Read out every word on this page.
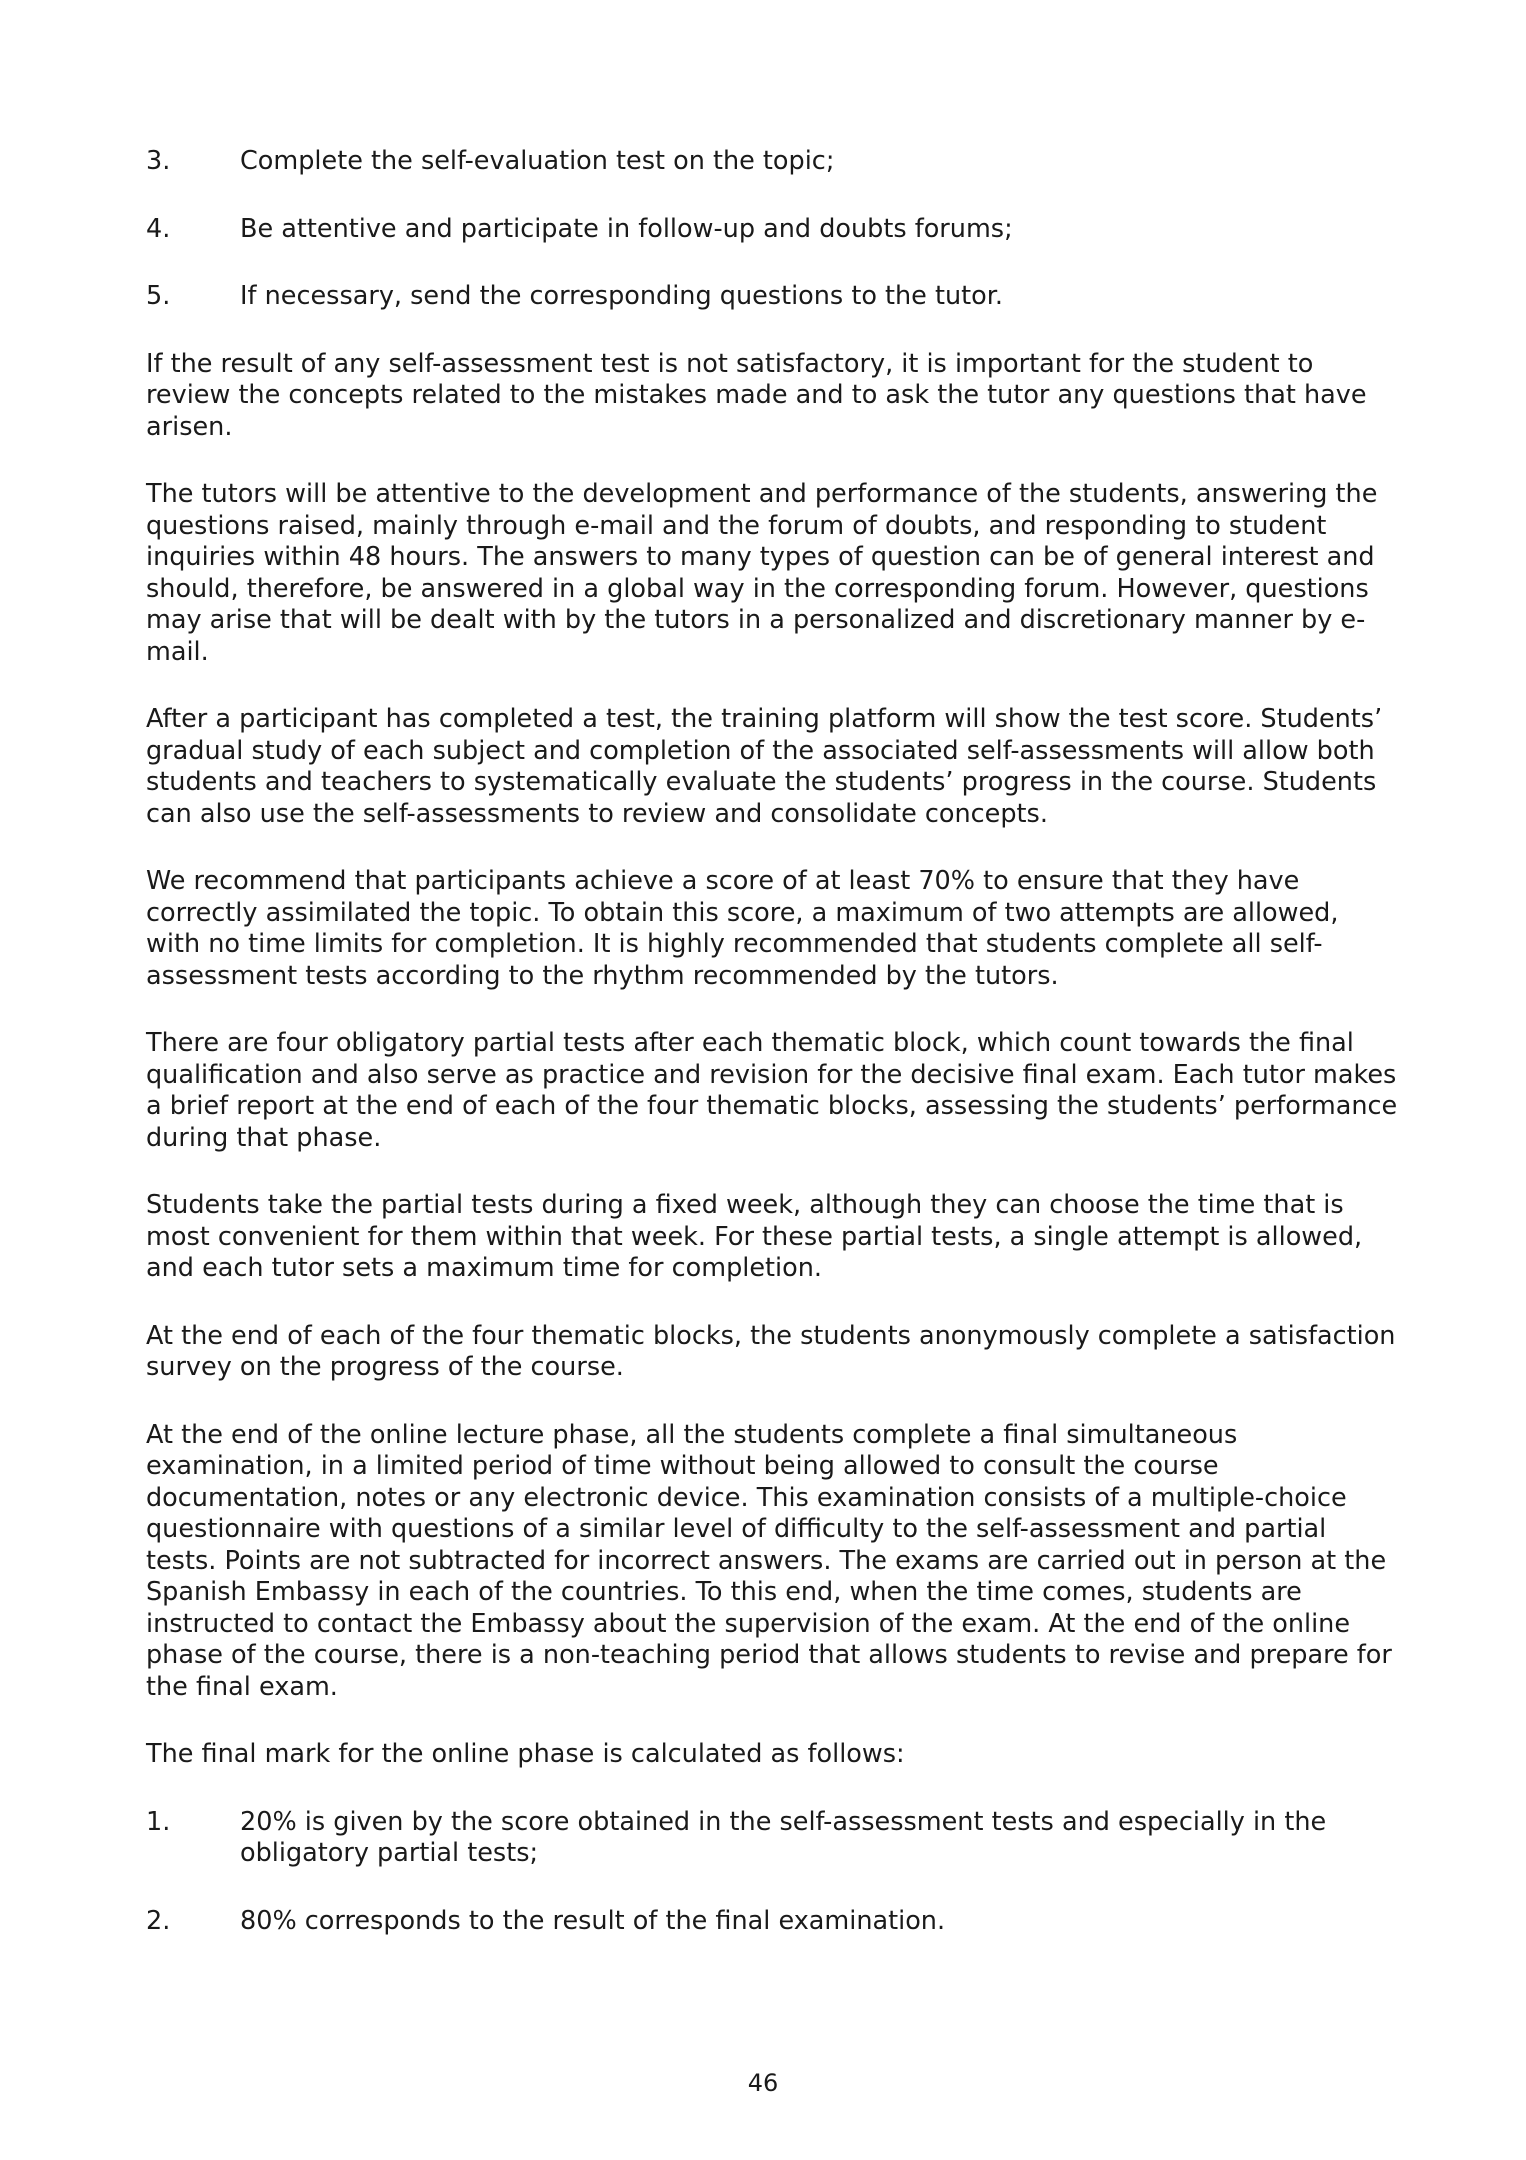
3.	Complete the self-evaluation test on the topic;
4.	Be attentive and participate in follow-up and doubts forums;
5.	If necessary, send the corresponding questions to the tutor.

If the result of any self-assessment test is not satisfactory, it is important for the student to review the concepts related to the mistakes made and to ask the tutor any questions that have arisen.

The tutors will be attentive to the development and performance of the students, answering the questions raised, mainly through e-mail and the forum of doubts, and responding to student inquiries within 48 hours. The answers to many types of question can be of general interest and should, therefore, be answered in a global way in the corresponding forum. However, questions may arise that will be dealt with by the tutors in a personalized and discretionary manner by e-mail.

After a participant has completed a test, the training platform will show the test score. Students’ gradual study of each subject and completion of the associated self-assessments will allow both students and teachers to systematically evaluate the students’ progress in the course. Students can also use the self-assessments to review and consolidate concepts.

We recommend that participants achieve a score of at least 70% to ensure that they have correctly assimilated the topic. To obtain this score, a maximum of two attempts are allowed, with no time limits for completion. It is highly recommended that students complete all self-assessment tests according to the rhythm recommended by the tutors.

There are four obligatory partial tests after each thematic block, which count towards the final qualification and also serve as practice and revision for the decisive final exam. Each tutor makes a brief report at the end of each of the four thematic blocks, assessing the students’ performance during that phase.

Students take the partial tests during a fixed week, although they can choose the time that is most convenient for them within that week. For these partial tests, a single attempt is allowed, and each tutor sets a maximum time for completion.

At the end of each of the four thematic blocks, the students anonymously complete a satisfaction survey on the progress of the course.

At the end of the online lecture phase, all the students complete a final simultaneous examination, in a limited period of time without being allowed to consult the course documentation, notes or any electronic device. This examination consists of a multiple-choice questionnaire with questions of a similar level of difficulty to the self-assessment and partial tests. Points are not subtracted for incorrect answers. The exams are carried out in person at the Spanish Embassy in each of the countries. To this end, when the time comes, students are instructed to contact the Embassy about the supervision of the exam. At the end of the online phase of the course, there is a non-teaching period that allows students to revise and prepare for the final exam.

The final mark for the online phase is calculated as follows:

1.	20% is given by the score obtained in the self-assessment tests and especially in the obligatory partial tests;
2.	80% corresponds to the result of the final examination.
46
